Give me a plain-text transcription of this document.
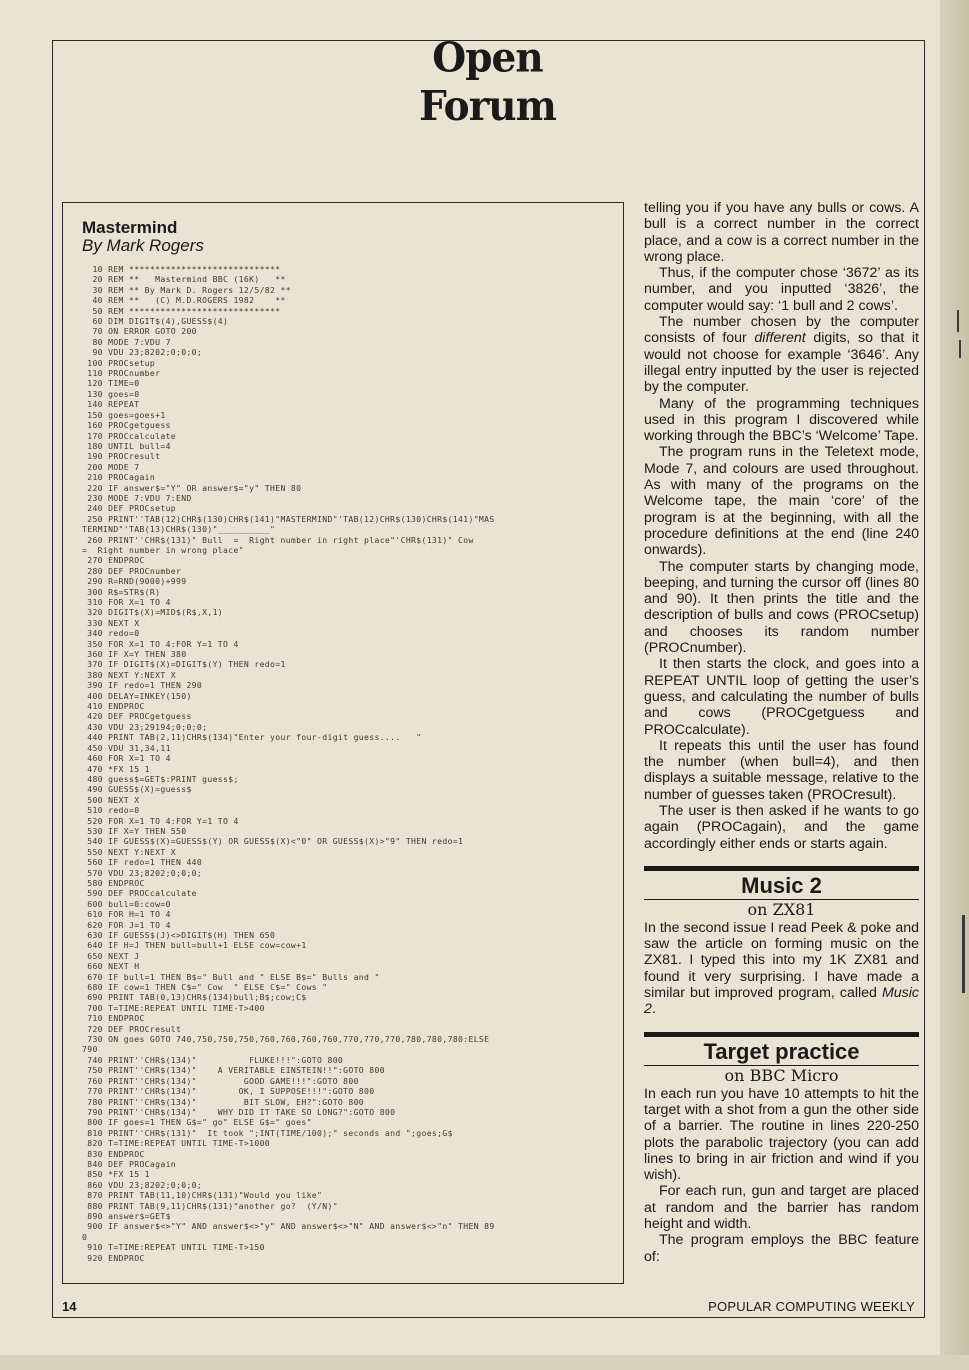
Open Forum
Mastermind
By Mark Rogers
10 REM *****************************
20 REM **   Mastermind BBC (16K)   **
30 REM ** By Mark D. Rogers 12/5/82 **
40 REM **   (C) M.D.ROGERS 1982    **
50 REM *****************************
60 DIM DIGIT$(4),GUESS$(4)
70 ON ERROR GOTO 200
80 MODE 7:VDU 7
90 VDU 23;8202;0;0;0;
100 PROCsetup
110 PROCnumber
120 TIME=0
130 goes=0
140 REPEAT
150 goes=goes+1
160 PROCgetguess
170 PROCcalculate
180 UNTIL bull=4
190 PROCresult
200 MODE 7
210 PROCagain
220 IF answer$="Y" OR answer$="y" THEN 80
230 MODE 7:VDU 7:END
240 DEF PROCsetup
250 PRINT''TAB(12)CHR$(130)CHR$(141)"MASTERMIND"'TAB(12)CHR$(130)CHR$(141)"MAS
TERMIND"'TAB(13)CHR$(130)"__________"
260 PRINT''CHR$(131)" Bull  =  Right number in right place"'CHR$(131)" Cow
=  Right number in wrong place"
270 ENDPROC
280 DEF PROCnumber
290 R=RND(9000)+999
300 R$=STR$(R)
310 FOR X=1 TO 4
320 DIGIT$(X)=MID$(R$,X,1)
330 NEXT X
340 redo=0
350 FOR X=1 TO 4:FOR Y=1 TO 4
360 IF X=Y THEN 380
370 IF DIGIT$(X)=DIGIT$(Y) THEN redo=1
380 NEXT Y:NEXT X
390 IF redo=1 THEN 290
400 DELAY=INKEY(150)
410 ENDPROC
420 DEF PROCgetguess
430 VDU 23;29194;0;0;0;
440 PRINT TAB(2,11)CHR$(134)"Enter your four-digit guess....   "
450 VDU 31,34,11
460 FOR X=1 TO 4
470 *FX 15 1
480 guess$=GET$:PRINT guess$;
490 GUESS$(X)=guess$
500 NEXT X
510 redo=0
520 FOR X=1 TO 4:FOR Y=1 TO 4
530 IF X=Y THEN 550
540 IF GUESS$(X)=GUESS$(Y) OR GUESS$(X)<"0" OR GUESS$(X)>"9" THEN redo=1
550 NEXT Y:NEXT X
560 IF redo=1 THEN 440
570 VDU 23;8202;0;0;0;
580 ENDPROC
590 DEF PROCcalculate
600 bull=0:cow=0
610 FOR H=1 TO 4
620 FOR J=1 TO 4
630 IF GUESS$(J)<>DIGIT$(H) THEN 650
640 IF H=J THEN bull=bull+1 ELSE cow=cow+1
650 NEXT J
660 NEXT H
670 IF bull=1 THEN B$=" Bull and " ELSE B$=" Bulls and "
680 IF cow=1 THEN C$=" Cow  " ELSE C$=" Cows "
690 PRINT TAB(0,13)CHR$(134)bull;B$;cow;C$
700 T=TIME:REPEAT UNTIL TIME-T>400
710 ENDPROC
720 DEF PROCresult
730 ON goes GOTO 740,750,750,750,760,760,760,760,770,770,770,780,780,780:ELSE
790
740 PRINT''CHR$(134)"          FLUKE!!!":GOTO 800
750 PRINT''CHR$(134)"    A VERITABLE EINSTEIN!!":GOTO 800
760 PRINT''CHR$(134)"         GOOD GAME!!!":GOTO 800
770 PRINT''CHR$(134)"        OK, I SUPPOSE!!!":GOTO 800
780 PRINT''CHR$(134)"         BIT SLOW, EH?":GOTO 800
790 PRINT''CHR$(134)"    WHY DID IT TAKE SO LONG?":GOTO 800
800 IF goes=1 THEN G$=" go" ELSE G$=" goes"
810 PRINT''CHR$(131)"  It took ";INT(TIME/100);" seconds and ";goes;G$
820 T=TIME:REPEAT UNTIL TIME-T>1000
830 ENDPROC
840 DEF PROCagain
850 *FX 15 1
860 VDU 23;8202;0;0;0;
870 PRINT TAB(11,10)CHR$(131)"Would you like"
880 PRINT TAB(9,11)CHR$(131)"another go?  (Y/N)"
890 answer$=GET$
900 IF answer$<>"Y" AND answer$<>"y" AND answer$<>"N" AND answer$<>"n" THEN 89
0
910 T=TIME:REPEAT UNTIL TIME-T>150
920 ENDPROC

telling you if you have any bulls or cows. A bull is a correct number in the correct place, and a cow is a correct number in the wrong place.

Thus, if the computer chose ‘3672’ as its number, and you inputted ‘3826’, the computer would say: ‘1 bull and 2 cows’.

The number chosen by the computer consists of four different digits, so that it would not choose for example ‘3646’. Any illegal entry inputted by the user is rejected by the computer.

Many of the programming techniques used in this program I discovered while working through the BBC’s ‘Welcome’ Tape.

The program runs in the Teletext mode, Mode 7, and colours are used throughout. As with many of the programs on the Welcome tape, the main ‘core’ of the program is at the beginning, with all the procedure definitions at the end (line 240 onwards).

The computer starts by changing mode, beeping, and turning the cursor off (lines 80 and 90). It then prints the title and the description of bulls and cows (PROCsetup) and chooses its random number (PROCnumber).

It then starts the clock, and goes into a REPEAT UNTIL loop of getting the user’s guess, and calculating the number of bulls and cows (PROCgetguess and PROCcalculate).

It repeats this until the user has found the number (when bull=4), and then displays a suitable message, relative to the number of guesses taken (PROCresult).

The user is then asked if he wants to go again (PROCagain), and the game accordingly either ends or starts again.

Music 2
on ZX81

In the second issue I read Peek & poke and saw the article on forming music on the ZX81. I typed this into my 1K ZX81 and found it very surprising. I have made a similar but improved program, called Music 2.

Target practice
on BBC Micro

In each run you have 10 attempts to hit the target with a shot from a gun the other side of a barrier. The routine in lines 220-250 plots the parabolic trajectory (you can add lines to bring in air friction and wind if you wish).

For each run, gun and target are placed at random and the barrier has random height and width.

The program employs the BBC feature of:

14	POPULAR COMPUTING WEEKLY
